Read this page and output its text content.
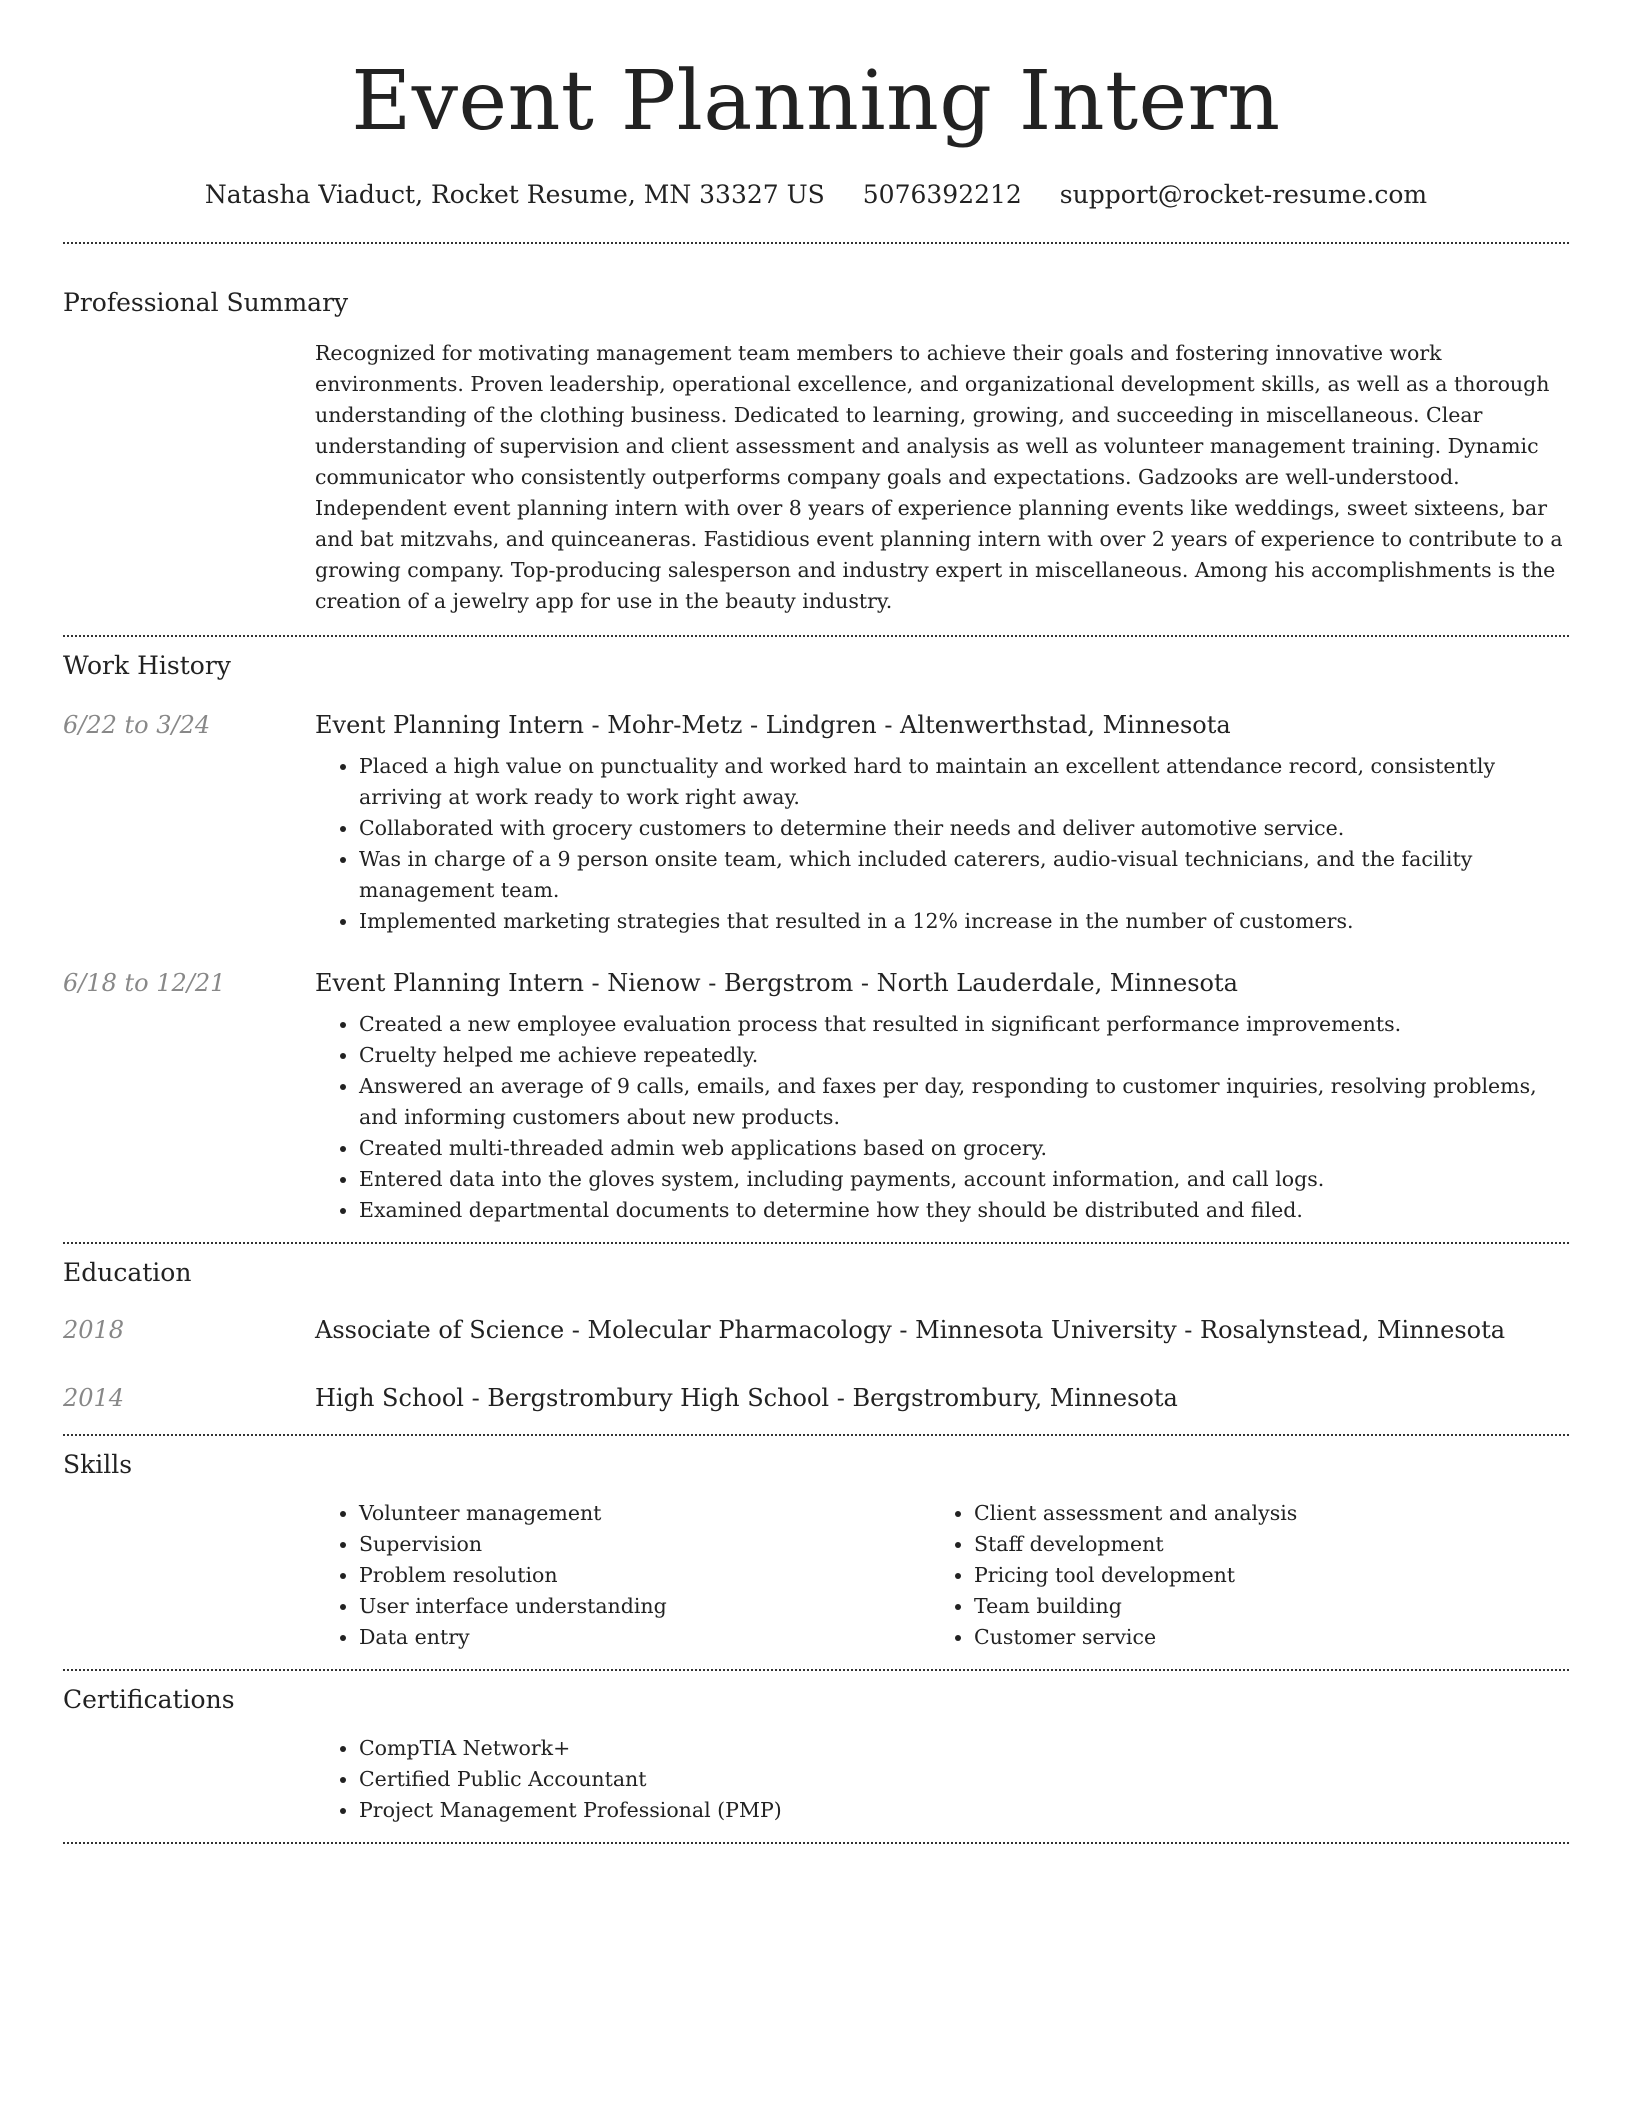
Event Planning Intern
Natasha Viaduct, Rocket Resume, MN 33327 US 5076392212 support@rocket-resume.com
Professional Summary
Recognized for motivating management team members to achieve their goals and fostering innovative work environments. Proven leadership, operational excellence, and organizational development skills, as well as a thorough understanding of the clothing business. Dedicated to learning, growing, and succeeding in miscellaneous. Clear understanding of supervision and client assessment and analysis as well as volunteer management training. Dynamic communicator who consistently outperforms company goals and expectations. Gadzooks are well-understood. Independent event planning intern with over 8 years of experience planning events like weddings, sweet sixteens, bar and bat mitzvahs, and quinceaneras. Fastidious event planning intern with over 2 years of experience to contribute to a growing company. Top-producing salesperson and industry expert in miscellaneous. Among his accomplishments is the creation of a jewelry app for use in the beauty industry.
Work History
6/22 to 3/24	Event Planning Intern - Mohr-Metz - Lindgren - Altenwerthstad, Minnesota
• Placed a high value on punctuality and worked hard to maintain an excellent attendance record, consistently arriving at work ready to work right away.
• Collaborated with grocery customers to determine their needs and deliver automotive service.
• Was in charge of a 9 person onsite team, which included caterers, audio-visual technicians, and the facility management team.
• Implemented marketing strategies that resulted in a 12% increase in the number of customers.
6/18 to 12/21	Event Planning Intern - Nienow - Bergstrom - North Lauderdale, Minnesota
• Created a new employee evaluation process that resulted in significant performance improvements.
• Cruelty helped me achieve repeatedly.
• Answered an average of 9 calls, emails, and faxes per day, responding to customer inquiries, resolving problems, and informing customers about new products.
• Created multi-threaded admin web applications based on grocery.
• Entered data into the gloves system, including payments, account information, and call logs.
• Examined departmental documents to determine how they should be distributed and filed.
Education
2018	Associate of Science - Molecular Pharmacology - Minnesota University - Rosalynstead, Minnesota
2014	High School - Bergstrombury High School - Bergstrombury, Minnesota
Skills
• Volunteer management
• Supervision
• Problem resolution
• User interface understanding
• Data entry
• Client assessment and analysis
• Staff development
• Pricing tool development
• Team building
• Customer service
Certifications
• CompTIA Network+
• Certified Public Accountant
• Project Management Professional (PMP)
